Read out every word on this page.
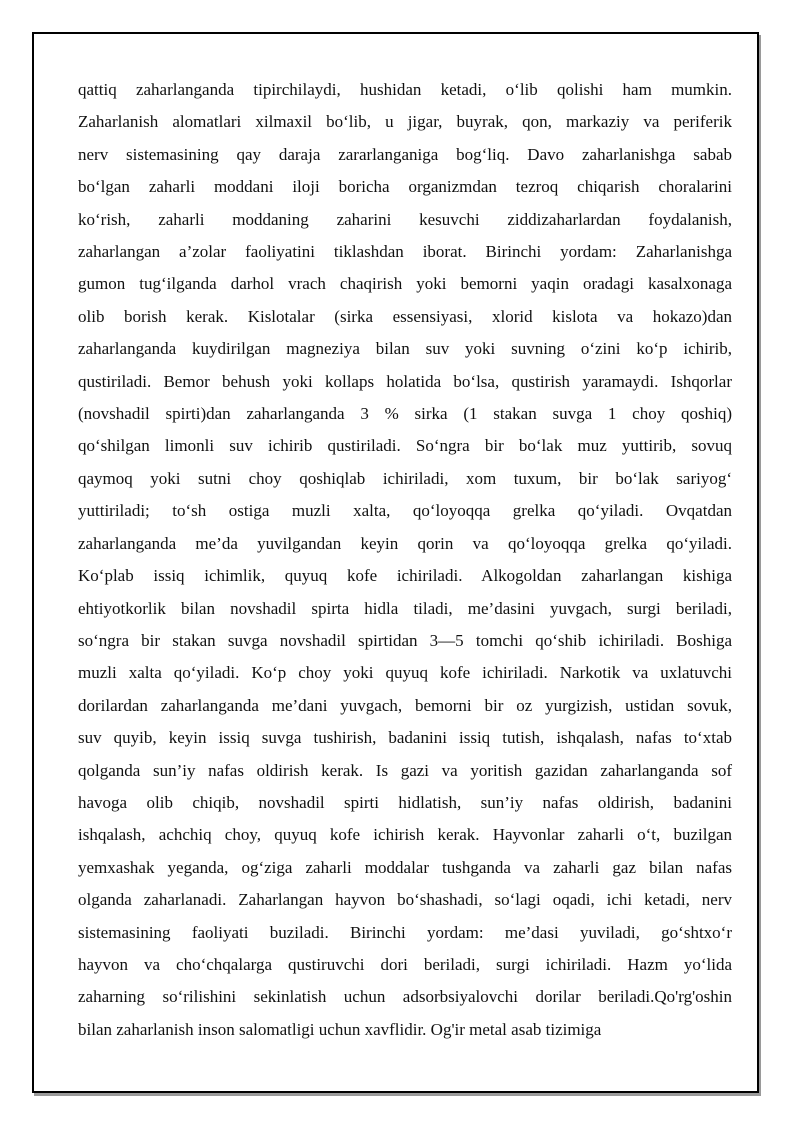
qattiq zaharlanganda tipirchilaydi, hushidan ketadi, o‘lib qolishi ham mumkin.
Zaharlanish alomatlari xilmaxil bo‘lib, u jigar, buyrak, qon, markaziy va periferik
nerv sistemasining qay daraja zararlanganiga bog‘liq. Davo zaharlanishga sabab
bo‘lgan zaharli moddani iloji boricha organizmdan tezroq chiqarish choralarini
ko‘rish, zaharli moddaning zaharini kesuvchi ziddizaharlardan foydalanish,
zaharlangan a’zolar faoliyatini tiklashdan iborat. Birinchi yordam: Zaharlanishga
gumon tug‘ilganda darhol vrach chaqirish yoki bemorni yaqin oradagi kasalxonaga
olib borish kerak. Kislotalar (sirka essensiyasi, xlorid kislota va hokazo)dan
zaharlanganda kuydirilgan magneziya bilan suv yoki suvning o‘zini ko‘p ichirib,
qustiriladi. Bemor behush yoki kollaps holatida bo‘lsa, qustirish yaramaydi. Ishqorlar
(novshadil spirti)dan zaharlanganda 3 % sirka (1 stakan suvga 1 choy qoshiq)
qo‘shilgan limonli suv ichirib qustiriladi. So‘ngra bir bo‘lak muz yuttirib, sovuq
qaymoq yoki sutni choy qoshiqlab ichiriladi, xom tuxum, bir bo‘lak sariyog‘
yuttiriladi; to‘sh ostiga muzli xalta, qo‘loyoqqa grelka qo‘yiladi. Ovqatdan
zaharlanganda me’da yuvilgandan keyin qorin va qo‘loyoqqa grelka qo‘yiladi.
Ko‘plab issiq ichimlik, quyuq kofe ichiriladi. Alkogoldan zaharlangan kishiga
ehtiyotkorlik bilan novshadil spirta hidla tiladi, me’dasini yuvgach, surgi beriladi,
so‘ngra bir stakan suvga novshadil spirtidan 3—5 tomchi qo‘shib ichiriladi. Boshiga
muzli xalta qo‘yiladi. Ko‘p choy yoki quyuq kofe ichiriladi. Narkotik va uxlatuvchi
dorilardan zaharlanganda me’dani yuvgach, bemorni bir oz yurgizish, ustidan sovuk,
suv quyib, keyin issiq suvga tushirish, badanini issiq tutish, ishqalash, nafas to‘xtab
qolganda sun’iy nafas oldirish kerak. Is gazi va yoritish gazidan zaharlanganda sof
havoga olib chiqib, novshadil spirti hidlatish, sun’iy nafas oldirish, badanini
ishqalash, achchiq choy, quyuq kofe ichirish kerak. Hayvonlar zaharli o‘t, buzilgan
yemxashak yeganda, og‘ziga zaharli moddalar tushganda va zaharli gaz bilan nafas
olganda zaharlanadi. Zaharlangan hayvon bo‘shashadi, so‘lagi oqadi, ichi ketadi, nerv
sistemasining faoliyati buziladi. Birinchi yordam: me’dasi yuviladi, go‘shtxo‘r
hayvon va cho‘chqalarga qustiruvchi dori beriladi, surgi ichiriladi. Hazm yo‘lida
zaharning so‘rilishini sekinlatish uchun adsorbsiyalovchi dorilar beriladi.Qo'rg'oshin
bilan zaharlanish inson salomatligi uchun xavflidir. Og'ir metal asab tizimiga
